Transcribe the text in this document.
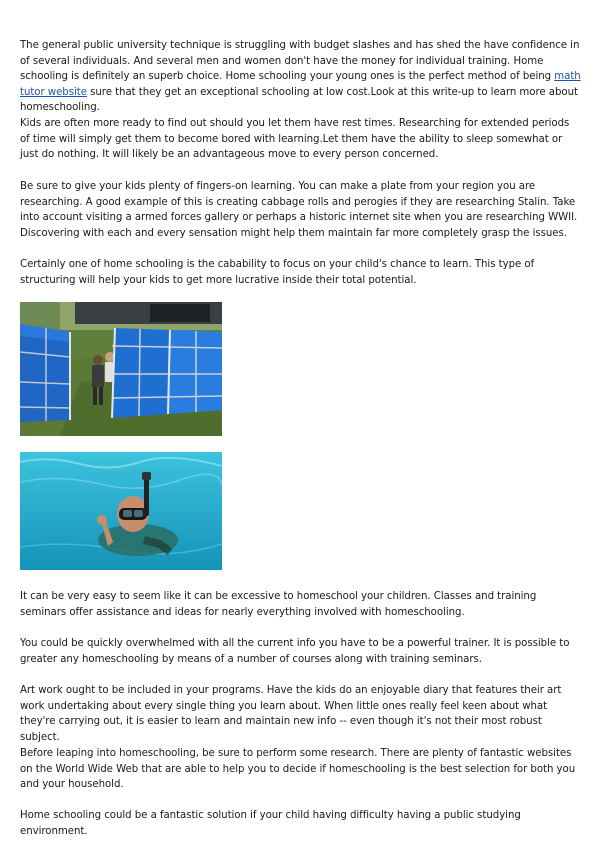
The general public university technique is struggling with budget slashes and has shed the have confidence in of several individuals. And several men and women don't have the money for individual training. Home schooling is definitely an superb choice. Home schooling your young ones is the perfect method of being math tutor website sure that they get an exceptional schooling at low cost.Look at this write-up to learn more about homeschooling.

Kids are often more ready to find out should you let them have rest times. Researching for extended periods of time will simply get them to become bored with learning.Let them have the ability to sleep somewhat or just do nothing. It will likely be an advantageous move to every person concerned.

Be sure to give your kids plenty of fingers-on learning. You can make a plate from your region you are researching. A good example of this is creating cabbage rolls and perogies if they are researching Stalin. Take into account visiting a armed forces gallery or perhaps a historic internet site when you are researching WWII. Discovering with each and every sensation might help them maintain far more completely grasp the issues.

Certainly one of home schooling is the cabability to focus on your child's chance to learn. This type of structuring will help your kids to get more lucrative inside their total potential.

It can be very easy to seem like it can be excessive to homeschool your children. Classes and training seminars offer assistance and ideas for nearly everything involved with homeschooling.

You could be quickly overwhelmed with all the current info you have to be a powerful trainer. It is possible to greater any homeschooling by means of a number of courses along with training seminars.

Art work ought to be included in your programs. Have the kids do an enjoyable diary that features their art work undertaking about every single thing you learn about. When little ones really feel keen about what they're carrying out, it is easier to learn and maintain new info -- even though it's not their most robust subject.

Before leaping into homeschooling, be sure to perform some research. There are plenty of fantastic websites on the World Wide Web that are able to help you to decide if homeschooling is the best selection for both you and your household.

Home schooling could be a fantastic solution if your child having difficulty having a public studying environment.
